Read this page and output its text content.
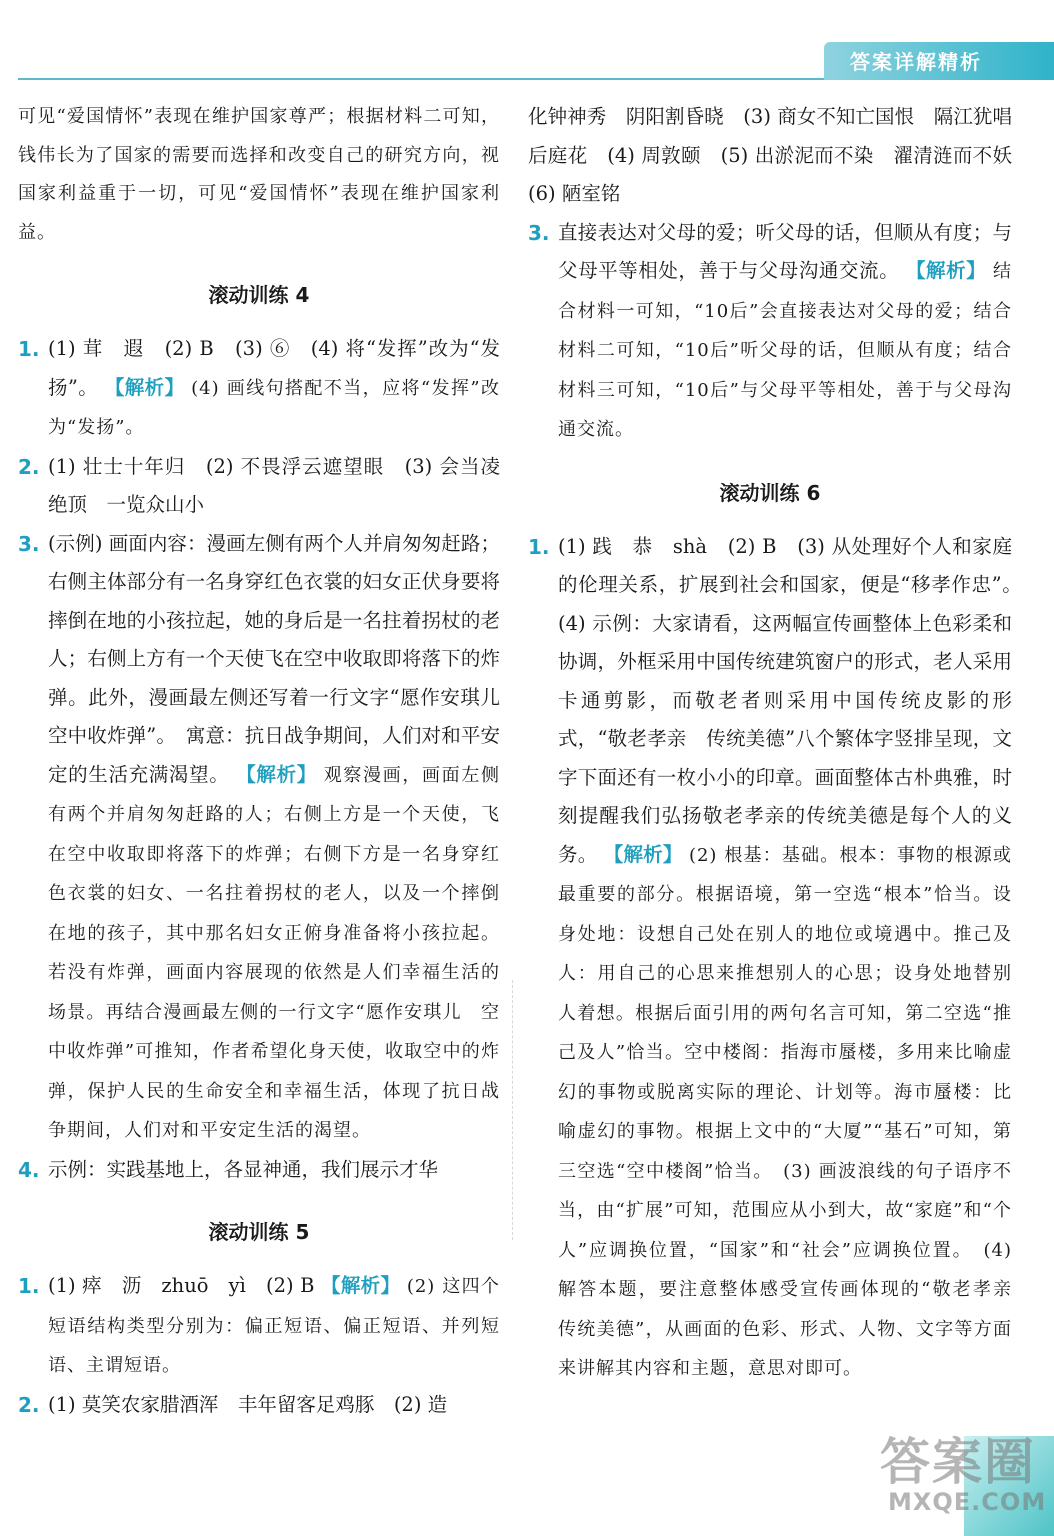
答案详解精析
可见“爱国情怀”表现在维护国家尊严；根据材料二可知，钱伟长为了国家的需要而选择和改变自己的研究方向，视国家利益重于一切，可见“爱国情怀”表现在维护国家利益。
滚动训练 4
1. (1) 茸　遐　(2) B　(3) ⑥　(4) 将“发挥”改为“发扬”。 【解析】 (4) 画线句搭配不当，应将“发挥”改为“发扬”。
2. (1) 壮士十年归　(2) 不畏浮云遮望眼　(3) 会当凌绝顶　一览众山小
3. (示例) 画面内容：漫画左侧有两个人并肩匆匆赶路；右侧主体部分有一名身穿红色衣裳的妇女正伏身要将摔倒在地的小孩拉起，她的身后是一名拄着拐杖的老人；右侧上方有一个天使飞在空中收取即将落下的炸弹。此外，漫画最左侧还写着一行文字“愿作安琪儿　空中收炸弹”。　寓意：抗日战争期间，人们对和平安定的生活充满渴望。 【解析】 观察漫画，画面左侧有两个并肩匆匆赶路的人；右侧上方是一个天使，飞在空中收取即将落下的炸弹；右侧下方是一名身穿红色衣裳的妇女、一名拄着拐杖的老人，以及一个摔倒在地的孩子，其中那名妇女正俯身准备将小孩拉起。若没有炸弹，画面内容展现的依然是人们幸福生活的场景。再结合漫画最左侧的一行文字“愿作安琪儿　空中收炸弹”可推知，作者希望化身天使，收取空中的炸弹，保护人民的生命安全和幸福生活，体现了抗日战争期间，人们对和平安定生活的渴望。
4. 示例：实践基地上，各显神通，我们展示才华
滚动训练 5
1. (1) 瘁　沥　zhuō　yì　(2) B 【解析】 (2) 这四个短语结构类型分别为：偏正短语、偏正短语、并列短语、主谓短语。
2. (1) 莫笑农家腊酒浑　丰年留客足鸡豚　(2) 造
化钟神秀　阴阳割昏晓　(3) 商女不知亡国恨　隔江犹唱后庭花　(4) 周敦颐　(5) 出淤泥而不染　濯清涟而不妖　(6) 陋室铭
3. 直接表达对父母的爱；听父母的话，但顺从有度；与父母平等相处，善于与父母沟通交流。 【解析】 结合材料一可知，“10后”会直接表达对父母的爱；结合材料二可知，“10后”听父母的话，但顺从有度；结合材料三可知，“10后”与父母平等相处，善于与父母沟通交流。
滚动训练 6
1. (1) 践　恭　shà　(2) B　(3) 从处理好个人和家庭的伦理关系，扩展到社会和国家，便是“移孝作忠”。　(4) 示例：大家请看，这两幅宣传画整体上色彩柔和协调，外框采用中国传统建筑窗户的形式，老人采用卡通剪影，而敬老者则采用中国传统皮影的形式，“敬老孝亲　传统美德”八个繁体字竖排呈现，文字下面还有一枚小小的印章。画面整体古朴典雅，时刻提醒我们弘扬敬老孝亲的传统美德是每个人的义务。 【解析】 (2) 根基：基础。根本：事物的根源或最重要的部分。根据语境，第一空选“根本”恰当。设身处地：设想自己处在别人的地位或境遇中。推己及人：用自己的心思来推想别人的心思；设身处地替别人着想。根据后面引用的两句名言可知，第二空选“推己及人”恰当。空中楼阁：指海市蜃楼，多用来比喻虚幻的事物或脱离实际的理论、计划等。海市蜃楼：比喻虚幻的事物。根据上文中的“大厦”“基石”可知，第三空选“空中楼阁”恰当。　(3) 画波浪线的句子语序不当，由“扩展”可知，范围应从小到大，故“家庭”和“个人”应调换位置，“国家”和“社会”应调换位置。　(4) 解答本题，要注意整体感受宣传画体现的“敬老孝亲　传统美德”，从画面的色彩、形式、人物、文字等方面来讲解其内容和主题，意思对即可。
答案圈
MXQE.COM
